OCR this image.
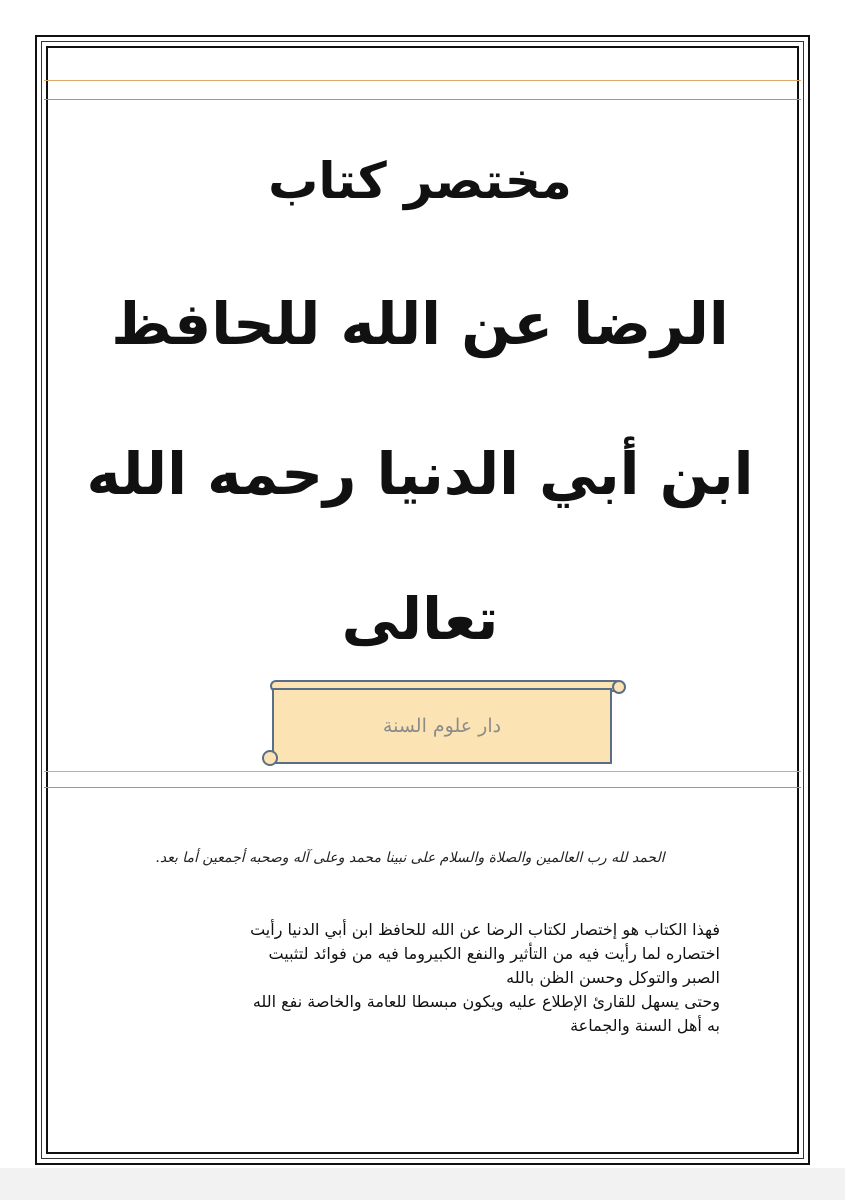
مختصر كتاب
الرضا عن الله للحافظ
ابن أبي الدنيا رحمه الله
تعالى
دار علوم السنة
الحمد لله رب العالمين والصلاة والسلام على نبينا محمد وعلى آله وصحبه أجمعين أما بعد.

فهذا الكتاب هو إختصار لكتاب الرضا عن الله للحافظ ابن أبي الدنيا رأيت

اختصاره لما رأيت فيه من التأثير والنفع الكبيروما فيه من فوائد لتثبيت

الصبر والتوكل وحسن الظن بالله

وحتى يسهل للقارئ الإطلاع عليه ويكون مبسطا للعامة والخاصة نفع الله

به أهل السنة والجماعة
